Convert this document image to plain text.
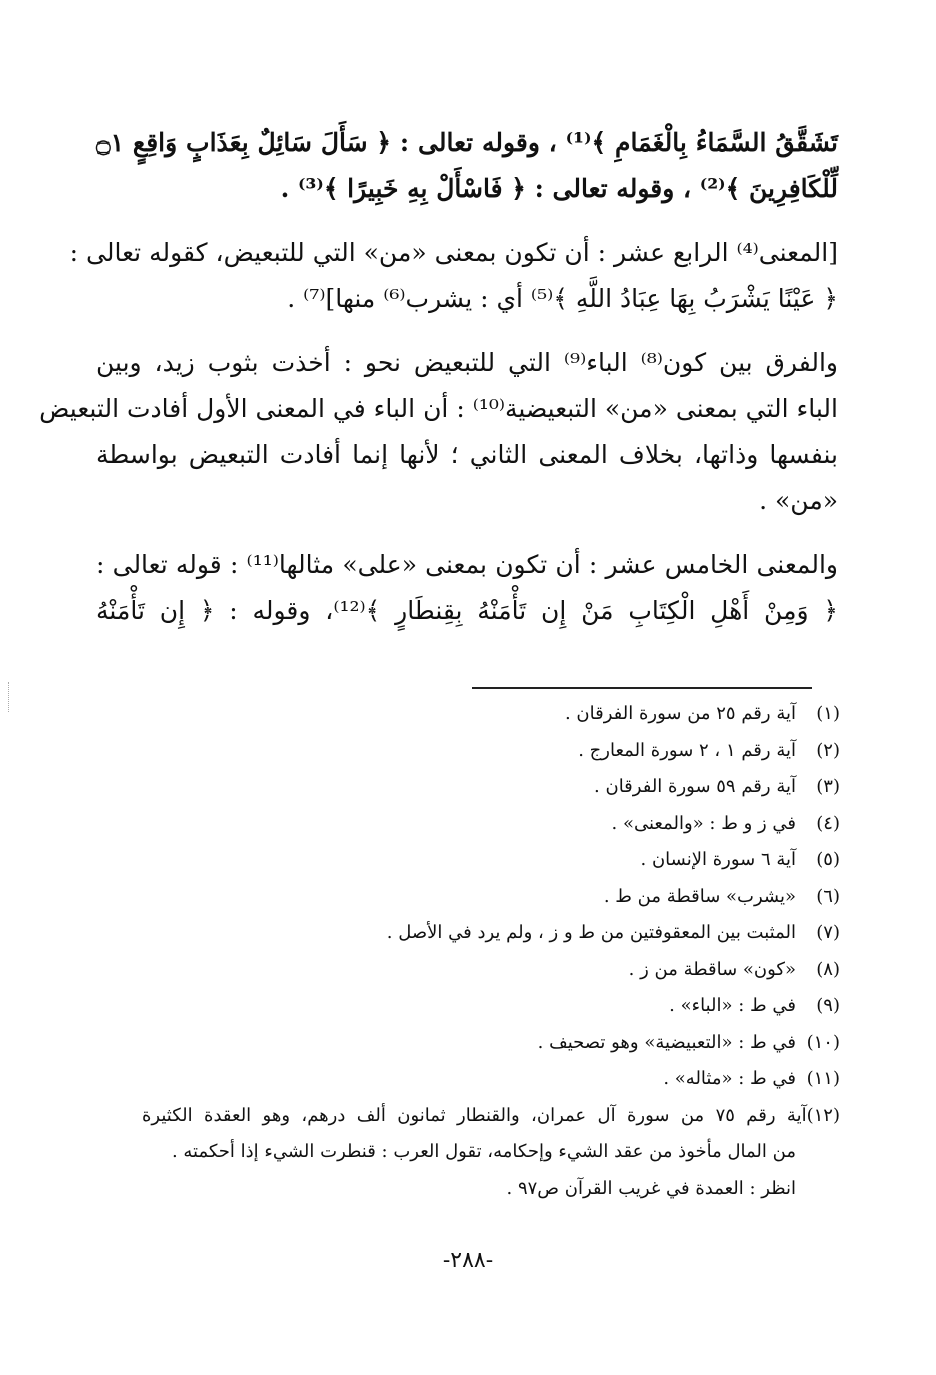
تَشَقَّقُ السَّمَاءُ بِالْغَمَامِ ﴾⁽¹⁾ ، وقوله تعالى : ﴿ سَأَلَ سَائِلٌ بِعَذَابٍ وَاقِعٍ ۝١
لِّلْكَافِرِينَ ﴾⁽²⁾ ، وقوله تعالى : ﴿ فَاسْأَلْ بِهِ خَبِيرًا ﴾⁽³⁾ .

[المعنى⁽⁴⁾ الرابع عشر : أن تكون بمعنى «من» التي للتبعيض، كقوله تعالى :
﴿ عَيْنًا يَشْرَبُ بِهَا عِبَادُ اللَّهِ ﴾⁽⁵⁾ أي : يشرب⁽⁶⁾ منها]⁽⁷⁾ .

والفرق بين كون⁽⁸⁾ الباء⁽⁹⁾ التي للتبعيض نحو : أخذت بثوب زيد، وبين
الباء التي بمعنى «من» التبعيضية⁽¹⁰⁾ : أن الباء في المعنى الأول أفادت التبعيض
بنفسها وذاتها، بخلاف المعنى الثاني ؛ لأنها إنما أفادت التبعيض بواسطة
«من» .

والمعنى الخامس عشر : أن تكون بمعنى «على» مثالها⁽¹¹⁾ : قوله تعالى :
﴿ وَمِنْ أَهْلِ الْكِتَابِ مَنْ إِن تَأْمَنْهُ بِقِنطَارٍ ﴾⁽¹²⁾، وقوله : ﴿ إِن تَأْمَنْهُ

(١)
آية رقم ٢٥ من سورة الفرقان .
(٢)
آية رقم ١ ، ٢ سورة المعارج .
(٣)
آية رقم ٥٩ سورة الفرقان .
(٤)
في ز و ط : «والمعنى» .
(٥)
آية ٦ سورة الإنسان .
(٦)
«يشرب» ساقطة من ط .
(٧)
المثبت بين المعقوفتين من ط و ز ، ولم يرد في الأصل .
(٨)
«كون» ساقطة من ز .
(٩)
في ط : «الباء» .
(١٠)
في ط : «التعبيضية» وهو تصحيف .
(١١)
في ط : «مثاله» .
(١٢)آية رقم ٧٥ من سورة آل عمران، والقنطار ثمانون ألف درهم، وهو العقدة الكثيرة
من المال مأخوذ من عقد الشيء وإحكامه، تقول العرب : قنطرت الشيء إذا أحكمته .
انظر : العمدة في غريب القرآن ص٩٧ .
-٢٨٨-
